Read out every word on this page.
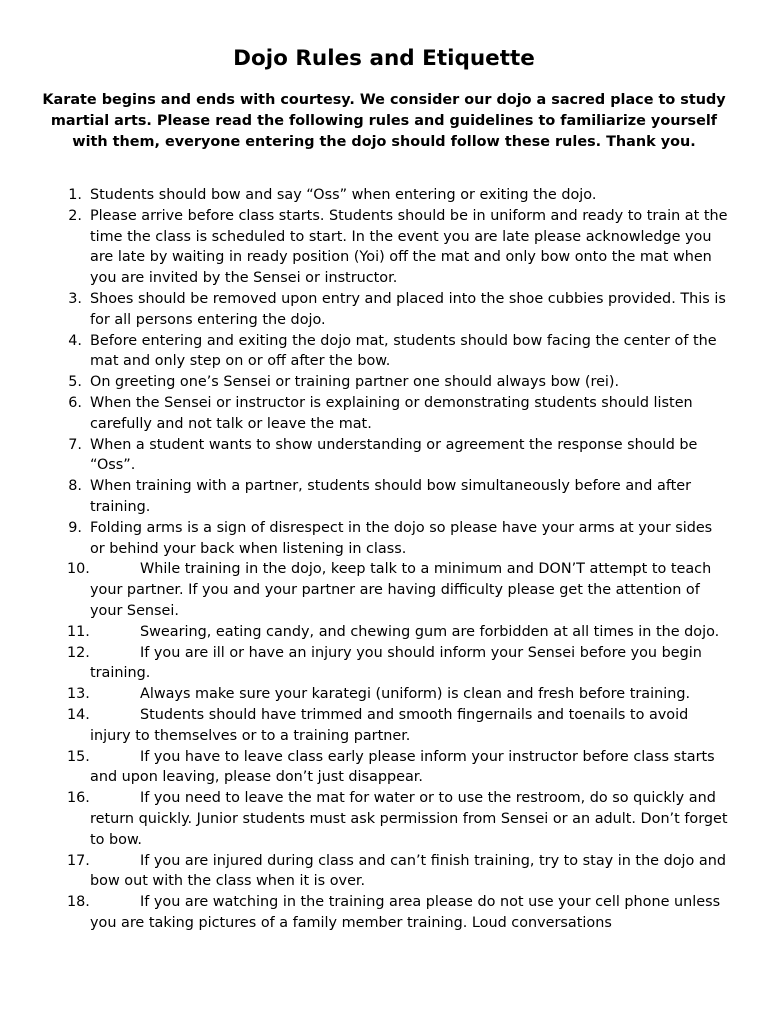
Dojo Rules and Etiquette

Karate begins and ends with courtesy. We consider our dojo a sacred place to study martial arts. Please read the following rules and guidelines to familiarize yourself with them, everyone entering the dojo should follow these rules. Thank you.

1. Students should bow and say “Oss” when entering or exiting the dojo.
2. Please arrive before class starts. Students should be in uniform and ready to train at the time the class is scheduled to start. In the event you are late please acknowledge you are late by waiting in ready position (Yoi) off the mat and only bow onto the mat when you are invited by the Sensei or instructor.
3. Shoes should be removed upon entry and placed into the shoe cubbies provided. This is for all persons entering the dojo.
4. Before entering and exiting the dojo mat, students should bow facing the center of the mat and only step on or off after the bow.
5. On greeting one’s Sensei or training partner one should always bow (rei).
6. When the Sensei or instructor is explaining or demonstrating students should listen carefully and not talk or leave the mat.
7. When a student wants to show understanding or agreement the response should be “Oss”.
8. When training with a partner, students should bow simultaneously before and after training.
9. Folding arms is a sign of disrespect in the dojo so please have your arms at your sides or behind your back when listening in class.
10.	While training in the dojo, keep talk to a minimum and DON’T attempt to teach your partner. If you and your partner are having difficulty please get the attention of your Sensei.
11.	Swearing, eating candy, and chewing gum are forbidden at all times in the dojo.
12.	If you are ill or have an injury you should inform your Sensei before you begin training.
13.	Always make sure your karategi (uniform) is clean and fresh before training.
14.	Students should have trimmed and smooth fingernails and toenails to avoid injury to themselves or to a training partner.
15.	If you have to leave class early please inform your instructor before class starts and upon leaving, please don’t just disappear.
16.	If you need to leave the mat for water or to use the restroom, do so quickly and return quickly. Junior students must ask permission from Sensei or an adult. Don’t forget to bow.
17.	If you are injured during class and can’t finish training, try to stay in the dojo and bow out with the class when it is over.
18.	If you are watching in the training area please do not use your cell phone unless you are taking pictures of a family member training. Loud conversations
